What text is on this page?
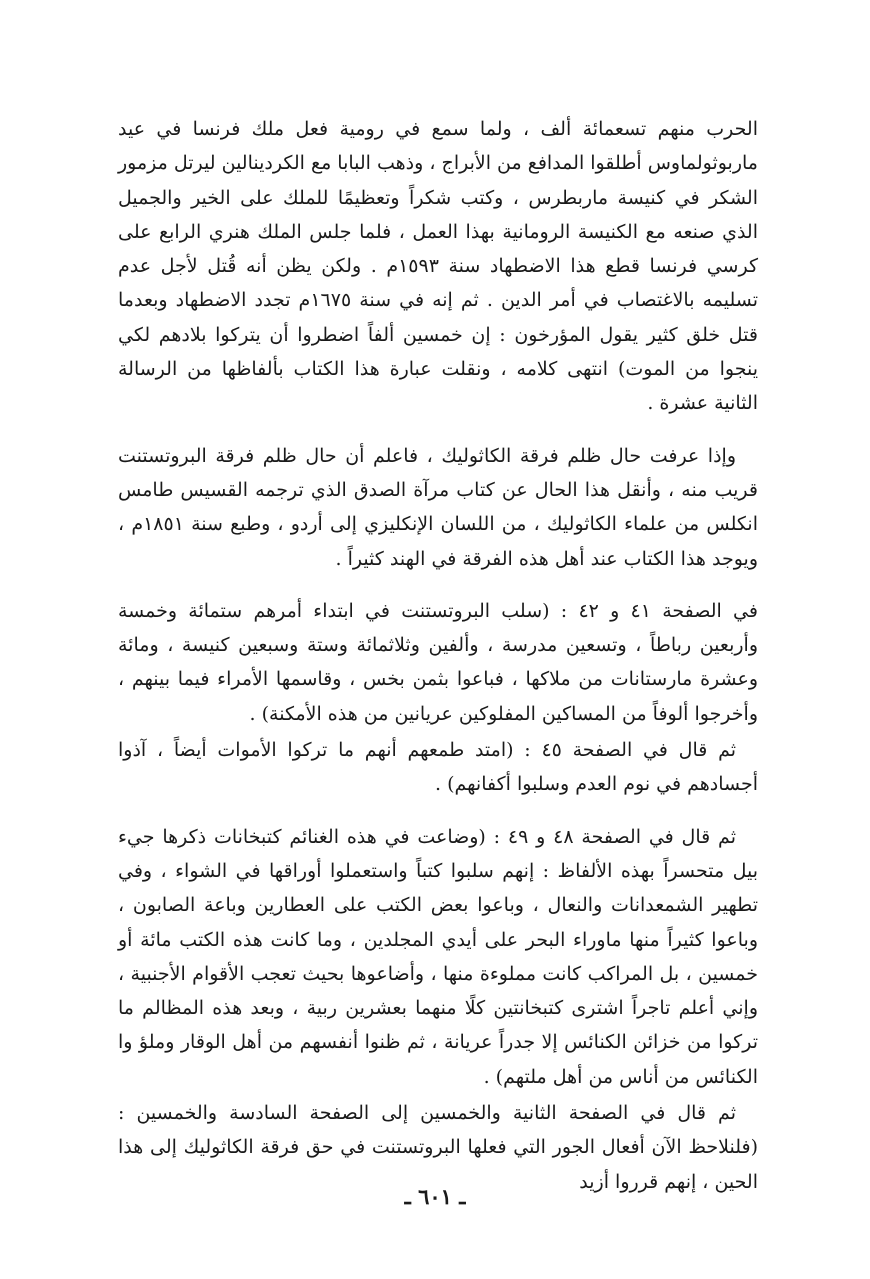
الحرب منهم تسعمائة ألف ، ولما سمع في رومية فعل ملك فرنسا في عيد ماربوثولماوس أطلقوا المدافع من الأبراج ، وذهب البابا مع الكردينالين ليرتل مزمور الشكر في كنيسة ماربطرس ، وكتب شكراً وتعظيمًا للملك على الخير والجميل الذي صنعه مع الكنيسة الرومانية بهذا العمل ، فلما جلس الملك هنري الرابع على كرسي فرنسا قطع هذا الاضطهاد سنة ١٥٩٣م . ولكن يظن أنه قُتل لأجل عدم تسليمه بالاغتصاب في أمر الدين . ثم إنه في سنة ١٦٧٥م تجدد الاضطهاد وبعدما قتل خلق كثير يقول المؤرخون : إن خمسين ألفاً اضطروا أن يتركوا بلادهم لكي ينجوا من الموت) انتهى كلامه ، ونقلت عبارة هذا الكتاب بألفاظها من الرسالة الثانية عشرة .

وإذا عرفت حال ظلم فرقة الكاثوليك ، فاعلم أن حال ظلم فرقة البروتستنت قريب منه ، وأنقل هذا الحال عن كتاب مرآة الصدق الذي ترجمه القسيس طامس انكلس من علماء الكاثوليك ، من اللسان الإنكليزي إلى أردو ، وطبع سنة ١٨٥١م ، ويوجد هذا الكتاب عند أهل هذه الفرقة في الهند كثيراً .

في الصفحة ٤١ و ٤٢ : (سلب البروتستنت في ابتداء أمرهم ستمائة وخمسة وأربعين رباطاً ، وتسعين مدرسة ، وألفين وثلاثمائة وستة وسبعين كنيسة ، ومائة وعشرة مارستانات من ملاكها ، فباعوا بثمن بخس ، وقاسمها الأمراء فيما بينهم ، وأخرجوا ألوفاً من المساكين المفلوكين عريانين من هذه الأمكنة) .

ثم قال في الصفحة ٤٥ : (امتد طمعهم أنهم ما تركوا الأموات أيضاً ، آذوا أجسادهم في نوم العدم وسلبوا أكفانهم) .

ثم قال في الصفحة ٤٨ و ٤٩ : (وضاعت في هذه الغنائم كتبخانات ذكرها جيء بيل متحسراً بهذه الألفاظ : إنهم سلبوا كتباً واستعملوا أوراقها في الشواء ، وفي تطهير الشمعدانات والنعال ، وباعوا بعض الكتب على العطارين وباعة الصابون ، وباعوا كثيراً منها ماوراء البحر على أيدي المجلدين ، وما كانت هذه الكتب مائة أو خمسين ، بل المراكب كانت مملوءة منها ، وأضاعوها بحيث تعجب الأقوام الأجنبية ، وإني أعلم تاجراً اشترى كتبخانتين كلًا منهما بعشرين ربية ، وبعد هذه المظالم ما تركوا من خزائن الكنائس إلا جدراً عريانة ، ثم ظنوا أنفسهم من أهل الوقار وملؤ وا الكنائس من أناس من أهل ملتهم) .

ثم قال في الصفحة الثانية والخمسين إلى الصفحة السادسة والخمسين : (فلنلاحظ الآن أفعال الجور التي فعلها البروتستنت في حق فرقة الكاثوليك إلى هذا الحين ، إنهم قرروا أزيد

ـ ٦٠١ ـ
